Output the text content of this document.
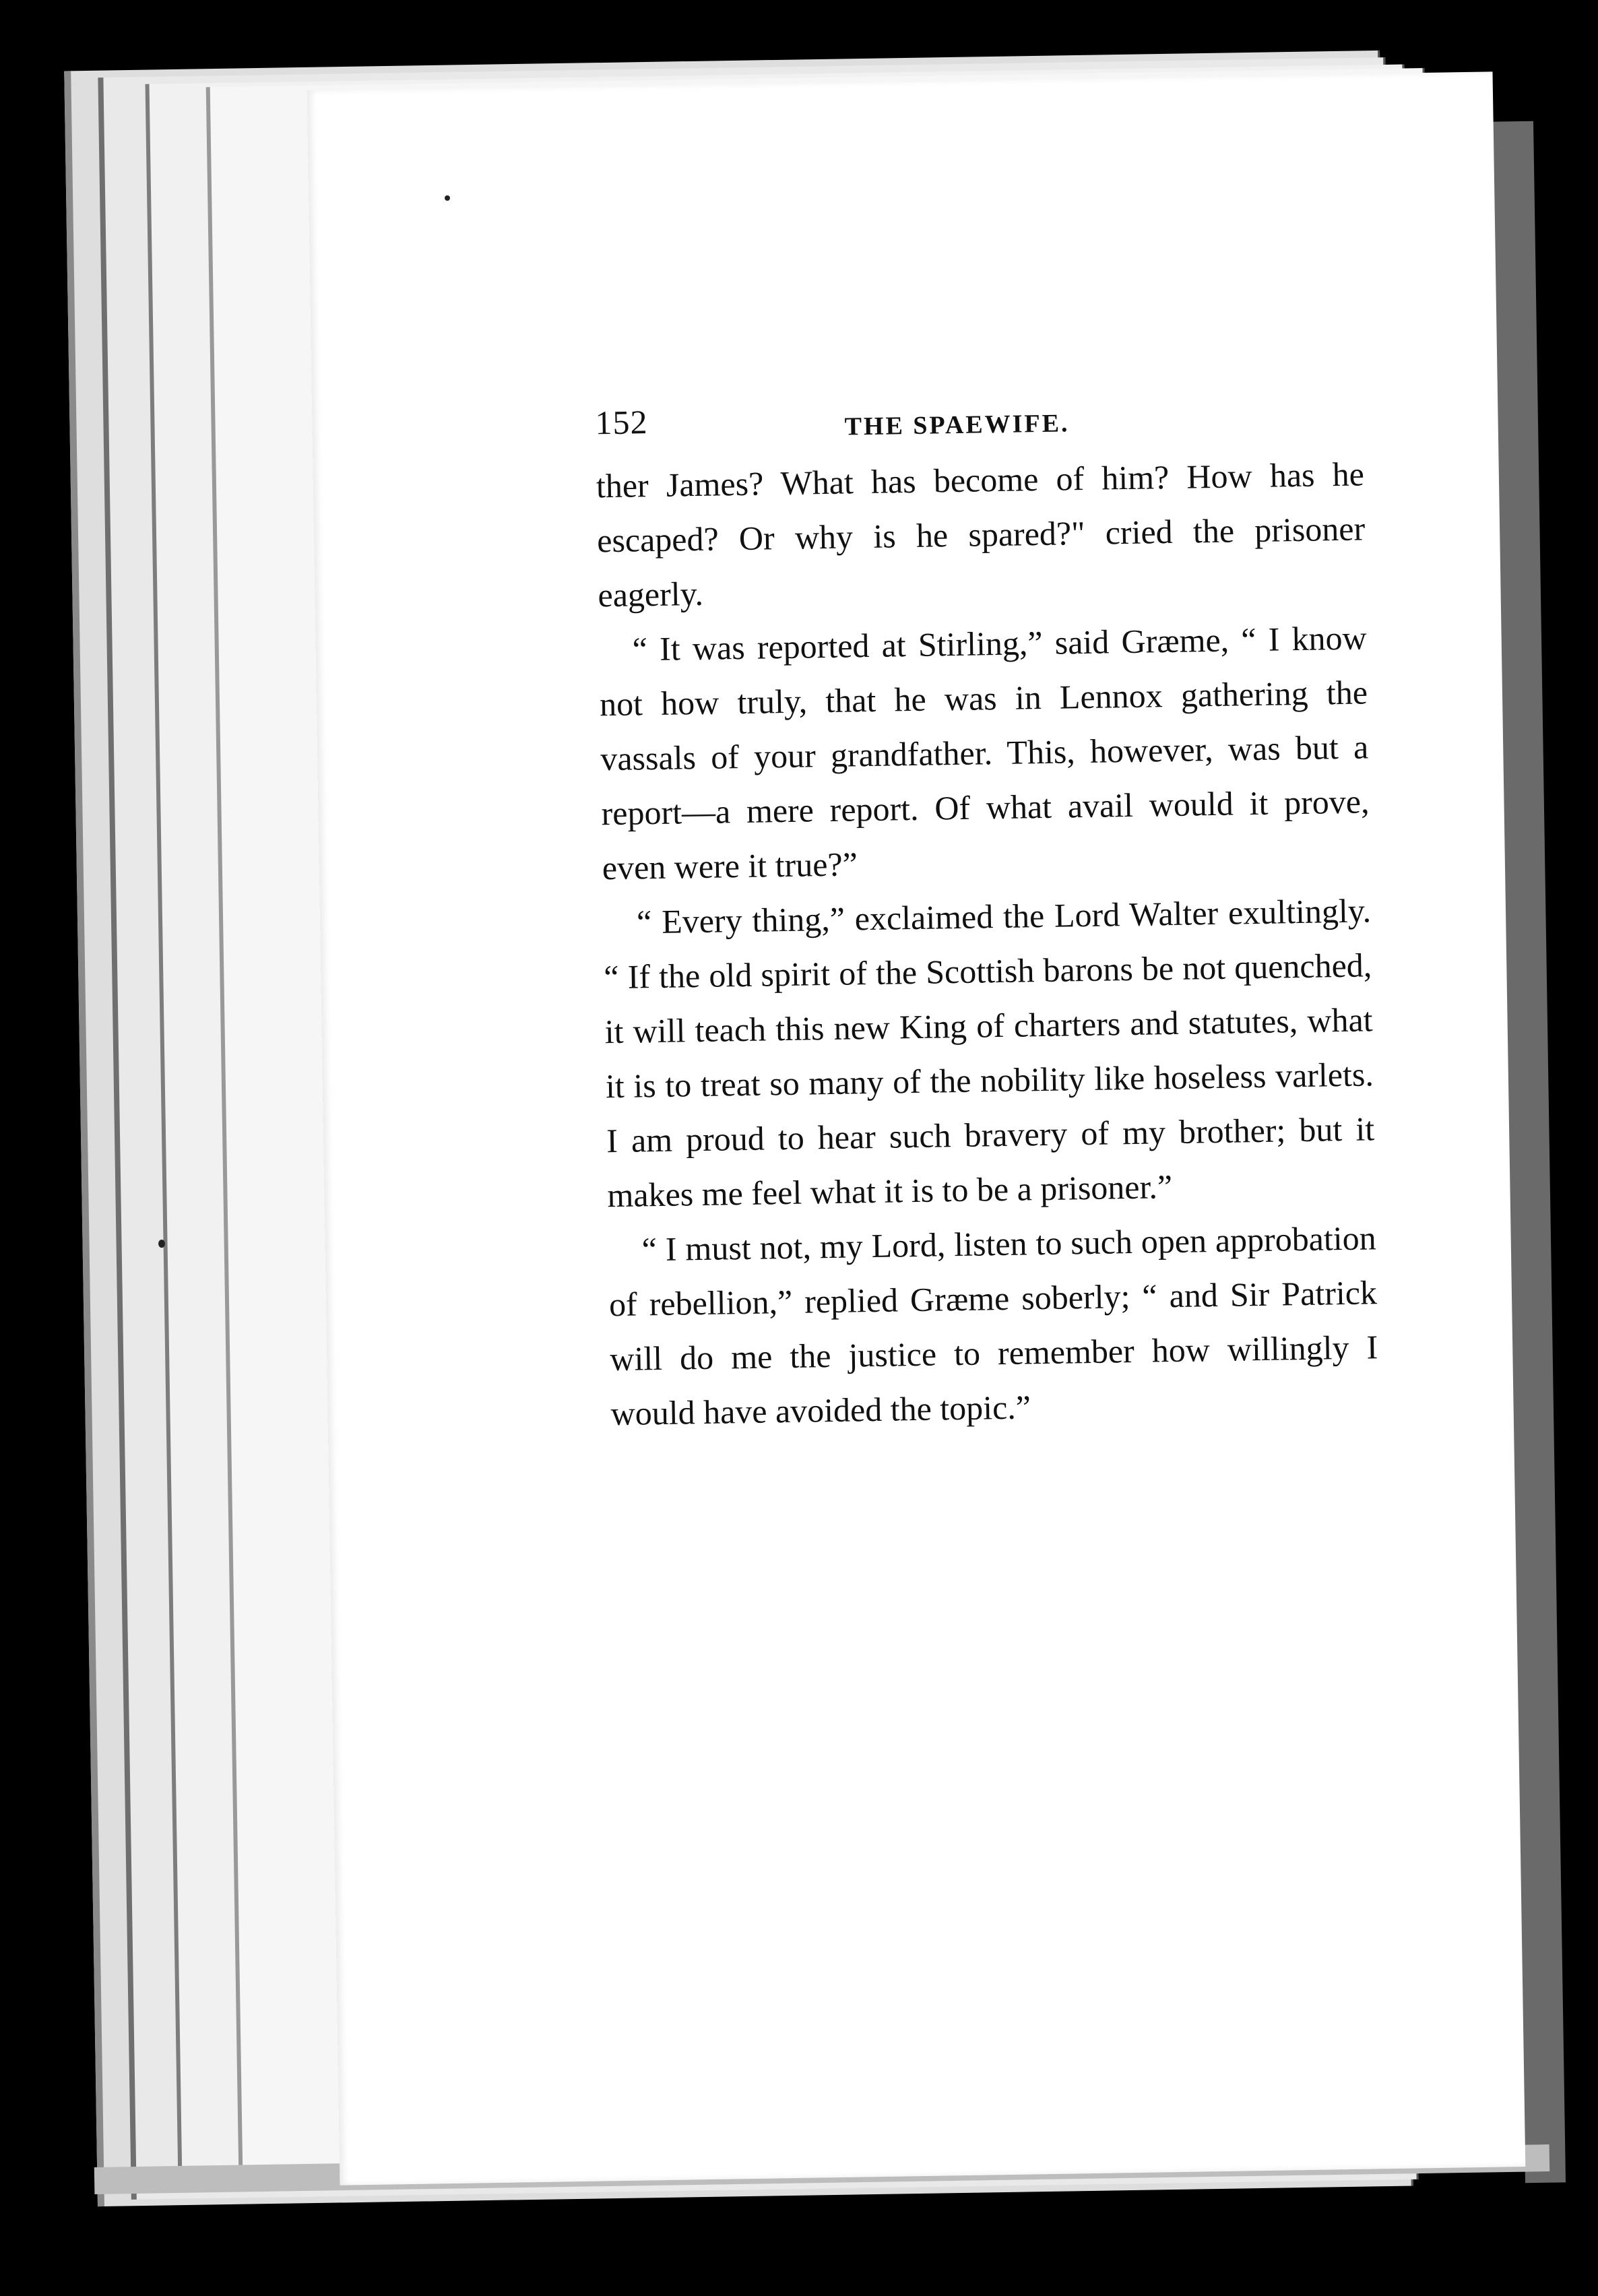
152	THE SPAEWIFE.

ther James? What has become of him? How has he escaped? Or why is he spared?" cried the prisoner eagerly.

“ It was reported at Stirling,” said Græme, “ I know not how truly, that he was in Lennox gathering the vassals of your grandfather. This, however, was but a report—a mere report. Of what avail would it prove, even were it true?”

“ Every thing,” exclaimed the Lord Walter exultingly. “ If the old spirit of the Scottish barons be not quenched, it will teach this new King of charters and statutes, what it is to treat so many of the nobility like hoseless varlets. I am proud to hear such bravery of my brother; but it makes me feel what it is to be a prisoner.”

“ I must not, my Lord, listen to such open approbation of rebellion,” replied Græme soberly; “ and Sir Patrick will do me the justice to remember how willingly I would have avoided the topic.”
